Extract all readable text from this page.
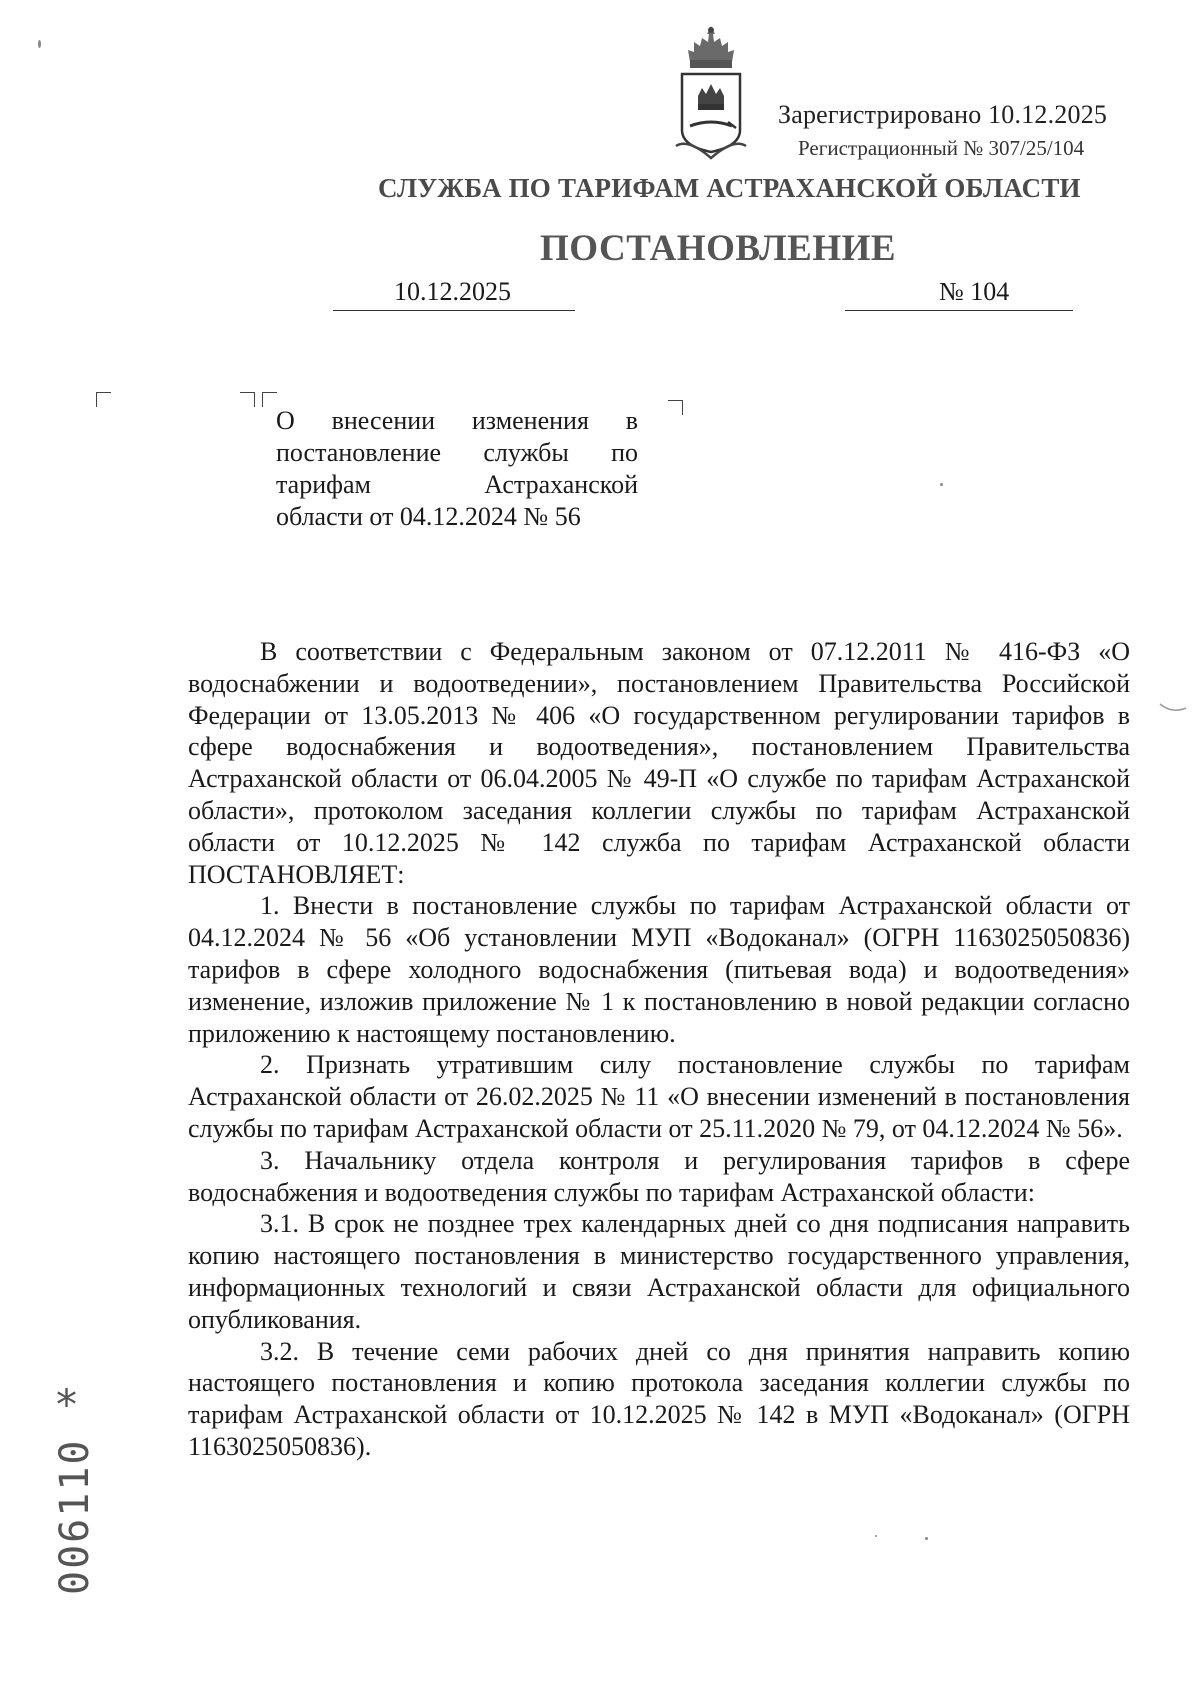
Зарегистрировано 10.12.2025
Регистрационный № 307/25/104
СЛУЖБА ПО ТАРИФАМ АСТРАХАНСКОЙ ОБЛАСТИ
ПОСТАНОВЛЕНИЕ
10.12.2025	№ 104
О внесении изменения в
постановление службы по
тарифам Астраханской
области от 04.12.2024 № 56

В соответствии с Федеральным законом от 07.12.2011 № 416-ФЗ «О водоснабжении и водоотведении», постановлением Правительства Российской Федерации от 13.05.2013 № 406 «О государственном регулировании тарифов в сфере водоснабжения и водоотведения», постановлением Правительства Астраханской области от 06.04.2005 № 49-П «О службе по тарифам Астраханской области», протоколом заседания коллегии службы по тарифам Астраханской области от 10.12.2025 № 142 служба по тарифам Астраханской области ПОСТАНОВЛЯЕТ:

1. Внести в постановление службы по тарифам Астраханской области от 04.12.2024 № 56 «Об установлении МУП «Водоканал» (ОГРН 1163025050836) тарифов в сфере холодного водоснабжения (питьевая вода) и водоотведения» изменение, изложив приложение № 1 к постановлению в новой редакции согласно приложению к настоящему постановлению.

2. Признать утратившим силу постановление службы по тарифам Астраханской области от 26.02.2025 № 11 «О внесении изменений в постановления службы по тарифам Астраханской области от 25.11.2020 № 79, от 04.12.2024 № 56».

3. Начальнику отдела контроля и регулирования тарифов в сфере водоснабжения и водоотведения службы по тарифам Астраханской области:

3.1. В срок не позднее трех календарных дней со дня подписания направить копию настоящего постановления в министерство государственного управления, информационных технологий и связи Астраханской области для официального опубликования.

3.2. В течение семи рабочих дней со дня принятия направить копию настоящего постановления и копию протокола заседания коллегии службы по тарифам Астраханской области от 10.12.2025 № 142 в МУП «Водоканал» (ОГРН 1163025050836).

*
006110
